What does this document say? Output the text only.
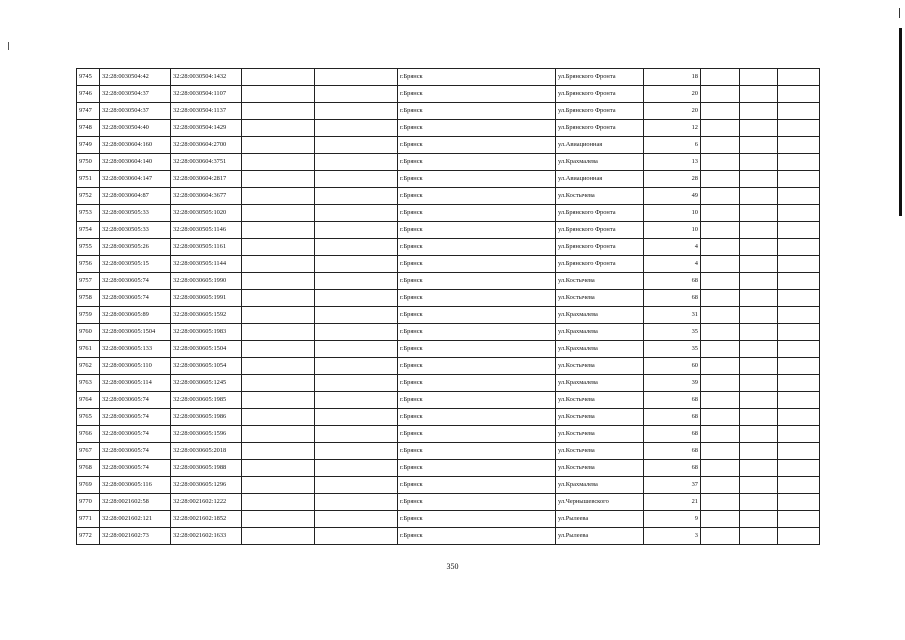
9745	32:28:0030504:42	32:28:0030504:1432			г.Брянск	ул.Брянского Фронта	18			
9746	32:28:0030504:37	32:28:0030504:1107			г.Брянск	ул.Брянского Фронта	20			
9747	32:28:0030504:37	32:28:0030504:1137			г.Брянск	ул.Брянского Фронта	20			
9748	32:28:0030504:40	32:28:0030504:1429			г.Брянск	ул.Брянского Фронта	12			
9749	32:28:0030604:160	32:28:0030604:2700			г.Брянск	ул.Авиационная	6			
9750	32:28:0030604:140	32:28:0030604:3751			г.Брянск	ул.Крахмалева	13			
9751	32:28:0030604:147	32:28:0030604:2817			г.Брянск	ул.Авиационная	28			
9752	32:28:0030604:87	32:28:0030604:3677			г.Брянск	ул.Костычева	49			
9753	32:28:0030505:33	32:28:0030505:1020			г.Брянск	ул.Брянского Фронта	10			
9754	32:28:0030505:33	32:28:0030505:1146			г.Брянск	ул.Брянского Фронта	10			
9755	32:28:0030505:26	32:28:0030505:1161			г.Брянск	ул.Брянского Фронта	4			
9756	32:28:0030505:15	32:28:0030505:1144			г.Брянск	ул.Брянского Фронта	4			
9757	32:28:0030605:74	32:28:0030605:1990			г.Брянск	ул.Костычева	68			
9758	32:28:0030605:74	32:28:0030605:1991			г.Брянск	ул.Костычева	68			
9759	32:28:0030605:89	32:28:0030605:1592			г.Брянск	ул.Крахмалева	31			
9760	32:28:0030605:1504	32:28:0030605:1983			г.Брянск	ул.Крахмалева	35			
9761	32:28:0030605:133	32:28:0030605:1504			г.Брянск	ул.Крахмалева	35			
9762	32:28:0030605:110	32:28:0030605:1054			г.Брянск	ул.Костычева	60			
9763	32:28:0030605:114	32:28:0030605:1245			г.Брянск	ул.Крахмалева	39			
9764	32:28:0030605:74	32:28:0030605:1985			г.Брянск	ул.Костычева	68			
9765	32:28:0030605:74	32:28:0030605:1986			г.Брянск	ул.Костычева	68			
9766	32:28:0030605:74	32:28:0030605:1596			г.Брянск	ул.Костычева	68			
9767	32:28:0030605:74	32:28:0030605:2018			г.Брянск	ул.Костычева	68			
9768	32:28:0030605:74	32:28:0030605:1988			г.Брянск	ул.Костычева	68			
9769	32:28:0030605:116	32:28:0030605:1296			г.Брянск	ул.Крахмалева	37			
9770	32:28:0021602:58	32:28:0021602:1222			г.Брянск	ул.Чернышевского	21			
9771	32:28:0021602:121	32:28:0021602:1852			г.Брянск	ул.Рылеева	9			
9772	32:28:0021602:73	32:28:0021602:1633			г.Брянск	ул.Рылеева	3			
350
